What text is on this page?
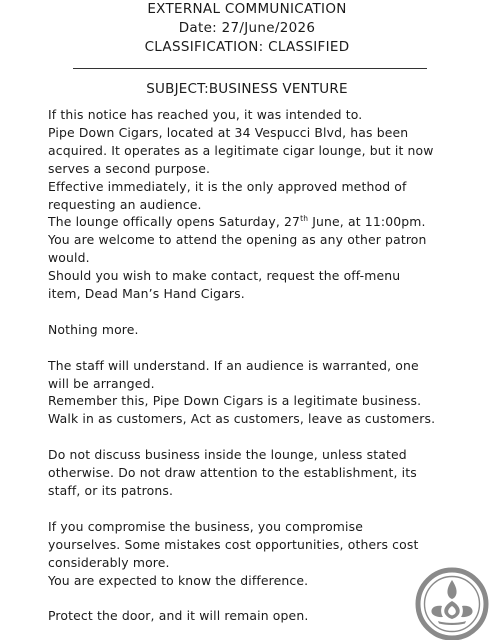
EXTERNAL COMMUNICATION
Date: 27/June/2026
CLASSIFICATION: CLASSIFIED
SUBJECT:BUSINESS VENTURE

If this notice has reached you, it was intended to.

Pipe Down Cigars, located at 34 Vespucci Blvd, has been

acquired. It operates as a legitimate cigar lounge, but it now

serves a second purpose.

Effective immediately, it is the only approved method of

requesting an audience.

The lounge offically opens Saturday, 27th June, at 11:00pm.

You are welcome to attend the opening as any other patron

would.

Should you wish to make contact, request the off-menu

item, Dead Man’s Hand Cigars.

Nothing more.

The staff will understand. If an audience is warranted, one

will be arranged.

Remember this, Pipe Down Cigars is a legitimate business.

Walk in as customers, Act as customers, leave as customers.

Do not discuss business inside the lounge, unless stated

otherwise. Do not draw attention to the establishment, its

staff, or its patrons.

If you compromise the business, you compromise

yourselves. Some mistakes cost opportunities, others cost

considerably more.

You are expected to know the difference.

Protect the door, and it will remain open.
